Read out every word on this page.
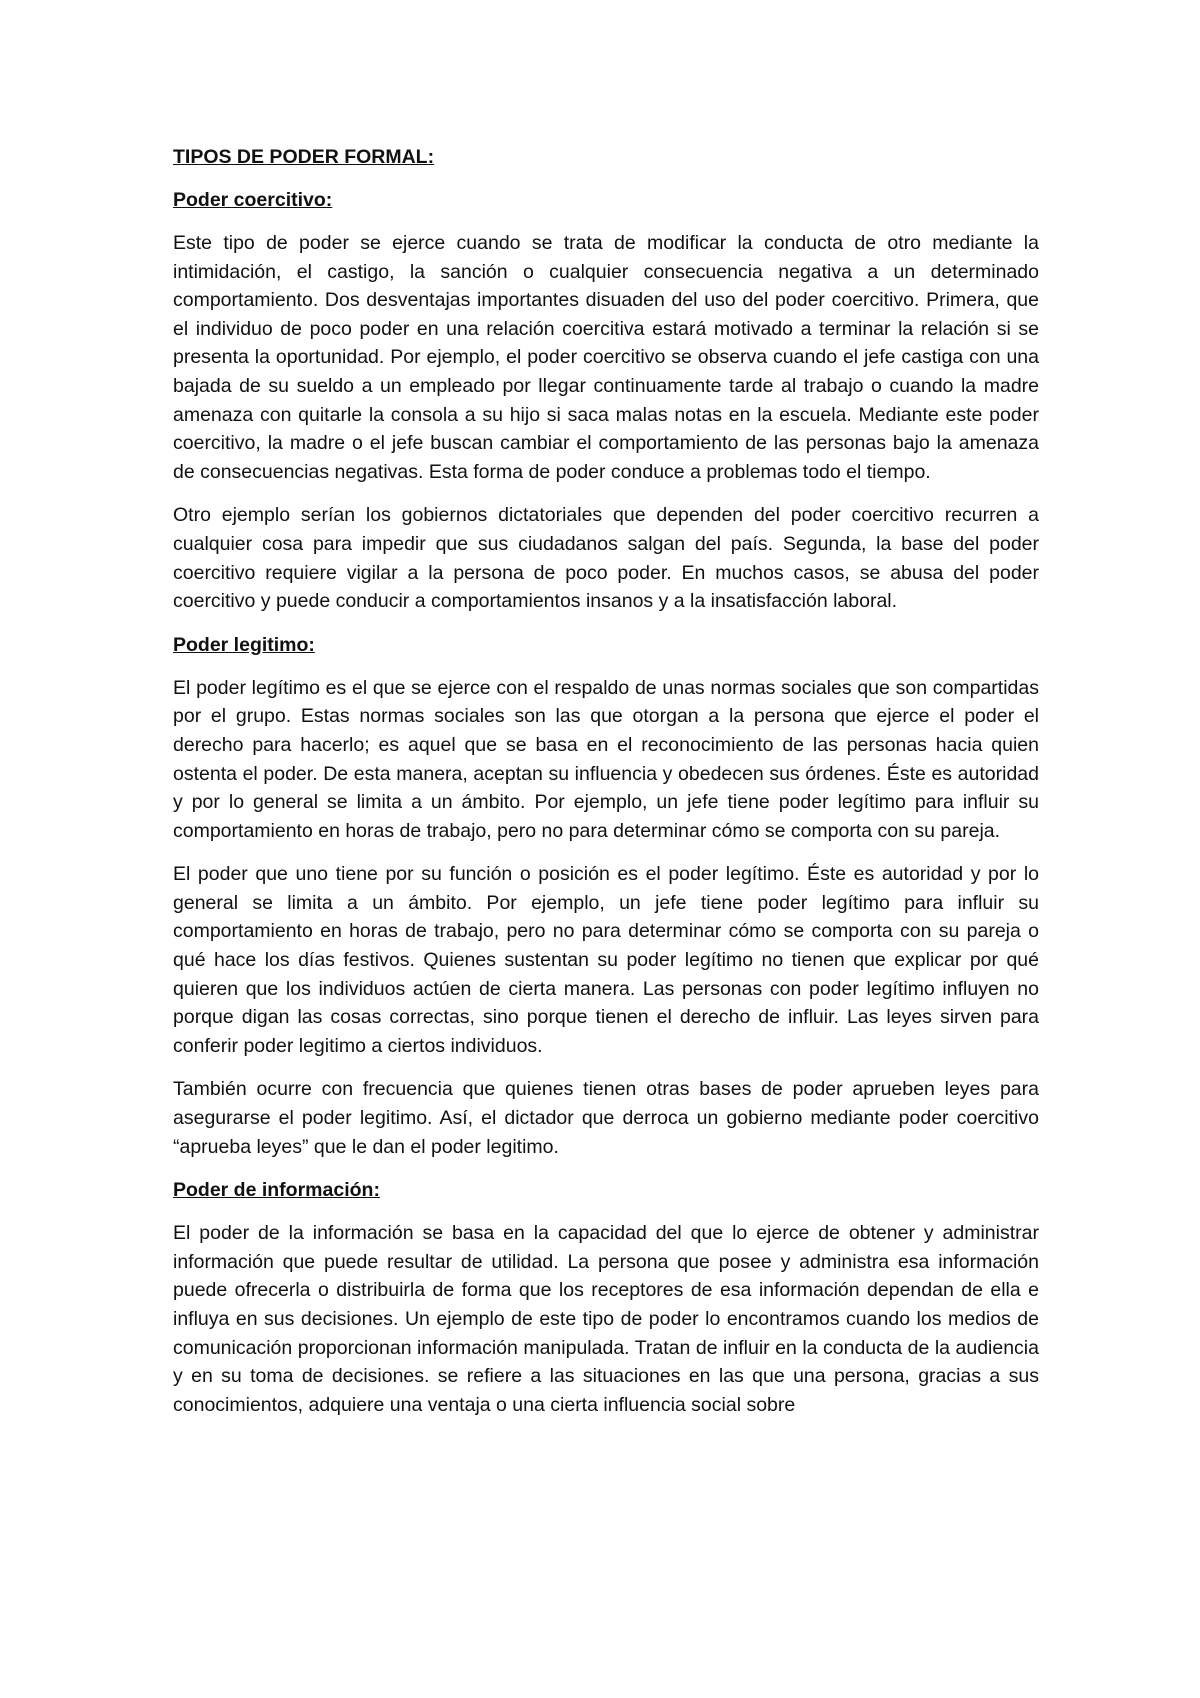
TIPOS DE PODER FORMAL:

Poder coercitivo:

Este tipo de poder se ejerce cuando se trata de modificar la conducta de otro mediante la intimidación, el castigo, la sanción o cualquier consecuencia negativa a un determinado comportamiento. Dos desventajas importantes disuaden del uso del poder coercitivo. Primera, que el individuo de poco poder en una relación coercitiva estará motivado a terminar la relación si se presenta la oportunidad. Por ejemplo, el poder coercitivo se observa cuando el jefe castiga con una bajada de su sueldo a un empleado por llegar continuamente tarde al trabajo o cuando la madre amenaza con quitarle la consola a su hijo si saca malas notas en la escuela. Mediante este poder coercitivo, la madre o el jefe buscan cambiar el comportamiento de las personas bajo la amenaza de consecuencias negativas. Esta forma de poder conduce a problemas todo el tiempo.

Otro ejemplo serían los gobiernos dictatoriales que dependen del poder coercitivo recurren a cualquier cosa para impedir que sus ciudadanos salgan del país. Segunda, la base del poder coercitivo requiere vigilar a la persona de poco poder. En muchos casos, se abusa del poder coercitivo y puede conducir a comportamientos insanos y a la insatisfacción laboral.

Poder legitimo:

El poder legítimo es el que se ejerce con el respaldo de unas normas sociales que son compartidas por el grupo. Estas normas sociales son las que otorgan a la persona que ejerce el poder el derecho para hacerlo; es aquel que se basa en el reconocimiento de las personas hacia quien ostenta el poder. De esta manera, aceptan su influencia y obedecen sus órdenes. Éste es autoridad y por lo general se limita a un ámbito. Por ejemplo, un jefe tiene poder legítimo para influir su comportamiento en horas de trabajo, pero no para determinar cómo se comporta con su pareja.

El poder que uno tiene por su función o posición es el poder legítimo. Éste es autoridad y por lo general se limita a un ámbito. Por ejemplo, un jefe tiene poder legítimo para influir su comportamiento en horas de trabajo, pero no para determinar cómo se comporta con su pareja o qué hace los días festivos. Quienes sustentan su poder legítimo no tienen que explicar por qué quieren que los individuos actúen de cierta manera. Las personas con poder legítimo influyen no porque digan las cosas correctas, sino porque tienen el derecho de influir. Las leyes sirven para conferir poder legitimo a ciertos individuos.

También ocurre con frecuencia que quienes tienen otras bases de poder aprueben leyes para asegurarse el poder legitimo. Así, el dictador que derroca un gobierno mediante poder coercitivo “aprueba leyes” que le dan el poder legitimo.

Poder de información:

El poder de la información se basa en la capacidad del que lo ejerce de obtener y administrar información que puede resultar de utilidad. La persona que posee y administra esa información puede ofrecerla o distribuirla de forma que los receptores de esa información dependan de ella e influya en sus decisiones. Un ejemplo de este tipo de poder lo encontramos cuando los medios de comunicación proporcionan información manipulada. Tratan de influir en la conducta de la audiencia y en su toma de decisiones. se refiere a las situaciones en las que una persona, gracias a sus conocimientos, adquiere una ventaja o una cierta influencia social sobre
